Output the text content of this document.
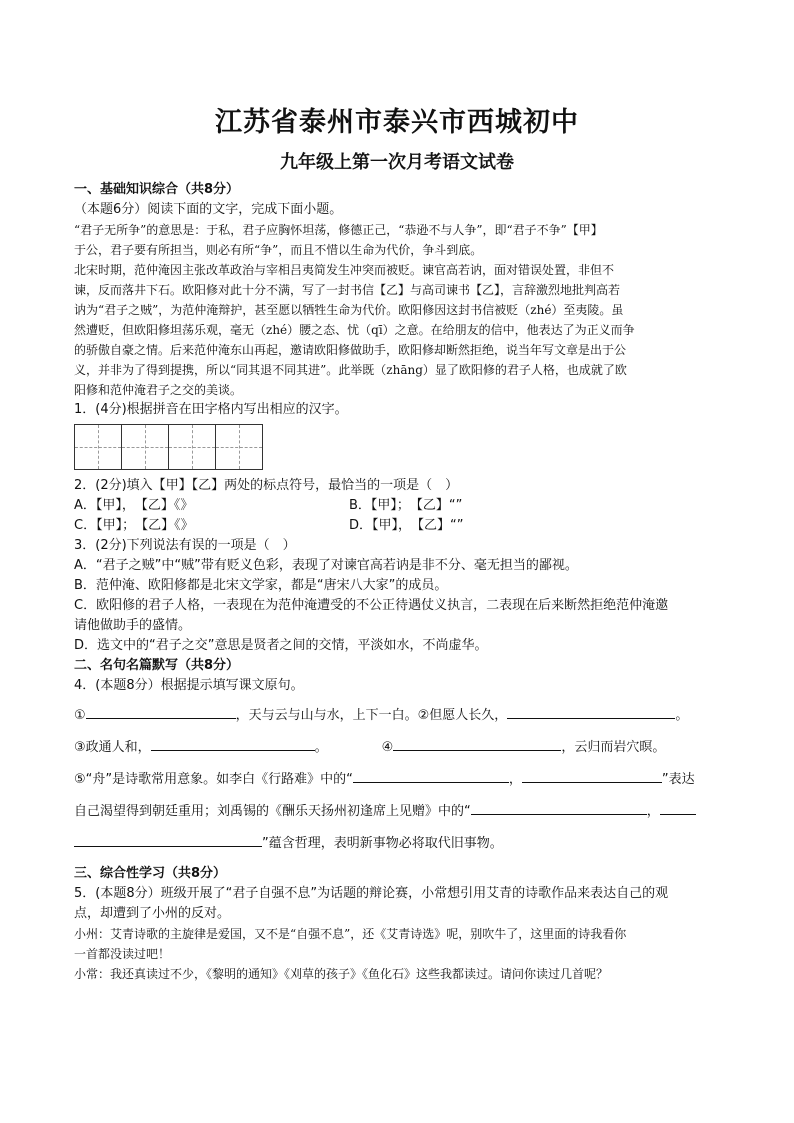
江苏省泰州市泰兴市西城初中
九年级上第一次月考语文试卷
一、基础知识综合（共8分）

（本题6分）阅读下面的文字，完成下面小题。

“君子无所争”的意思是：于私，君子应胸怀坦荡，修德正己，“恭逊不与人争”，即“君子不争”【甲】

于公，君子要有所担当，则必有所“争”，而且不惜以生命为代价，争斗到底。

北宋时期，范仲淹因主张改革政治与宰相吕夷简发生冲突而被贬。谏官高若讷，面对错误处置，非但不

谏，反而落井下石。欧阳修对此十分不满，写了一封书信【乙】与高司谏书【乙】，言辞激烈地批判高若

讷为“君子之贼”，为范仲淹辩护，甚至愿以牺牲生命为代价。欧阳修因这封书信被贬（zhé）至夷陵。虽

然遭贬，但欧阳修坦荡乐观，毫无（zhé）腰之态、忧（qī）之意。在给朋友的信中，他表达了为正义而争

的骄傲自豪之情。后来范仲淹东山再起，邀请欧阳修做助手，欧阳修却断然拒绝，说当年写文章是出于公

义，并非为了得到提携，所以“同其退不同其进”。此举既（zhāng）显了欧阳修的君子人格，也成就了欧

阳修和范仲淹君子之交的美谈。

1．(4分)根据拼音在田字格内写出相应的汉字。

2．(2分)填入【甲】【乙】两处的标点符号，最恰当的一项是（　）

A．【甲】，　【乙】《》	B．【甲】；　【乙】“”
C．【甲】；　【乙】《》	D．【甲】，　【乙】“”

3．(2分)下列说法有误的一项是（　）

A．“君子之贼”中“贼”带有贬义色彩，表现了对谏官高若讷是非不分、毫无担当的鄙视。

B．范仲淹、欧阳修都是北宋文学家，都是“唐宋八大家”的成员。

C．欧阳修的君子人格，一表现在为范仲淹遭受的不公正待遇仗义执言，二表现在后来断然拒绝范仲淹邀

请他做助手的盛情。

D．选文中的“君子之交”意思是贤者之间的交情，平淡如水，不尚虚华。

二、名句名篇默写（共8分）

4．(本题8分）根据提示填写课文原句。

①	，天与云与山与水，上下一白。②但愿人长久，	。

③政通人和，	。	④	，云归而岩穴暝。

⑤“舟”是诗歌常用意象。如李白《行路难》中的“	，	”表达

自己渴望得到朝廷重用；刘禹锡的《酬乐天扬州初逢席上见赠》中的“	，

”蕴含哲理，表明新事物必将取代旧事物。

三、综合性学习（共8分）

5．(本题8分）班级开展了“君子自强不息”为话题的辩论赛，小常想引用艾青的诗歌作品来表达自己的观

点，却遭到了小州的反对。

小州：艾青诗歌的主旋律是爱国，又不是“自强不息”，还《艾青诗选》呢，别吹牛了，这里面的诗我看你

一首都没读过吧！

小常：我还真读过不少，《黎明的通知》《刈草的孩子》《鱼化石》这些我都读过。请问你读过几首呢？
